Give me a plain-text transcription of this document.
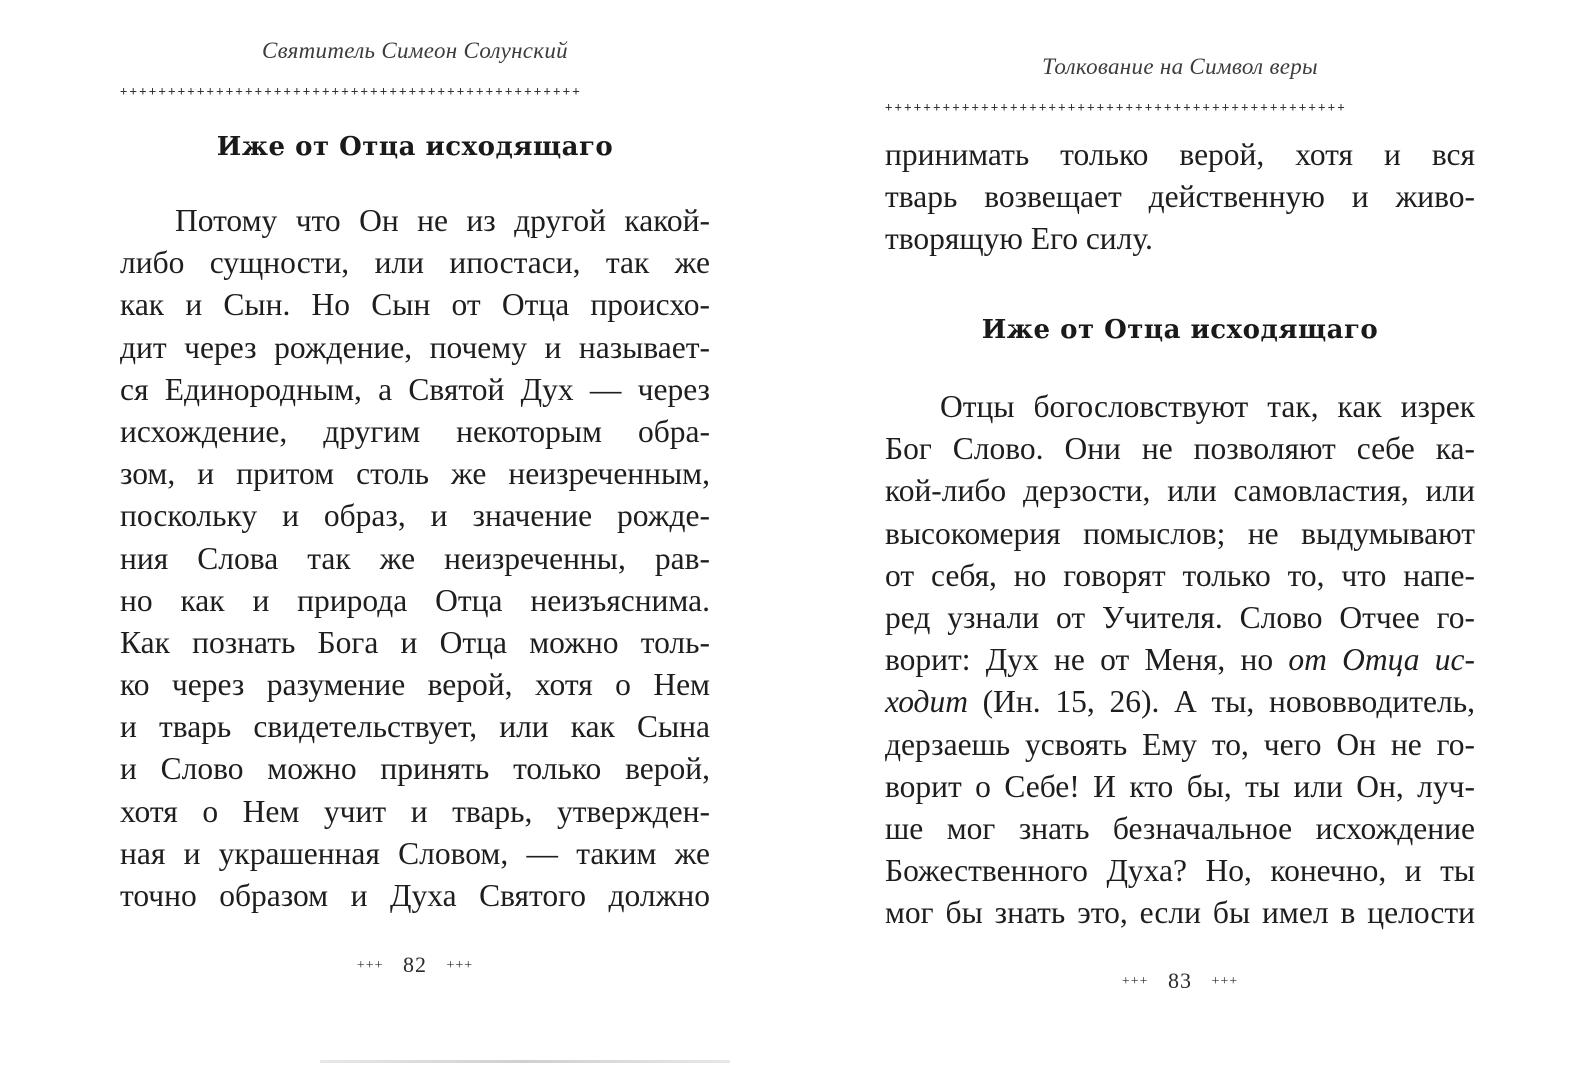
Святитель Симеон Солунский
++++++++++++++++++++++++++++++++++++++++++++++++
Иже от Отца исходящаго
Потому что Он не из другой какой-
либо сущности, или ипостаси, так же
как и Сын. Но Сын от Отца происхо-
дит через рождение, почему и называет-
ся Единородным, а Святой Дух — через
исхождение, другим некоторым обра-
зом, и притом столь же неизреченным,
поскольку и образ, и значение рожде-
ния Слова так же неизреченны, рав-
но как и природа Отца неизъяснима.
Как познать Бога и Отца можно толь-
ко через разумение верой, хотя о Нем
и тварь свидетельствует, или как Сына
и Слово можно принять только верой,
хотя о Нем учит и тварь, утвержден-
ная и украшенная Словом, — таким же
точно образом и Духа Святого должно
+++ 82 +++
Толкование на Символ веры
++++++++++++++++++++++++++++++++++++++++++++++++
принимать только верой, хотя и вся
тварь возвещает действенную и живо-
творящую Его силу.
Иже от Отца исходящаго
Отцы богословствуют так, как изрек
Бог Слово. Они не позволяют себе ка-
кой-либо дерзости, или самовластия, или
высокомерия помыслов; не выдумывают
от себя, но говорят только то, что напе-
ред узнали от Учителя. Слово Отчее го-
ворит: Дух не от Меня, но от Отца ис-
ходит (Ин. 15, 26). А ты, нововводитель,
дерзаешь усвоять Ему то, чего Он не го-
ворит о Себе! И кто бы, ты или Он, луч-
ше мог знать безначальное исхождение
Божественного Духа? Но, конечно, и ты
мог бы знать это, если бы имел в целости
+++ 83 +++
